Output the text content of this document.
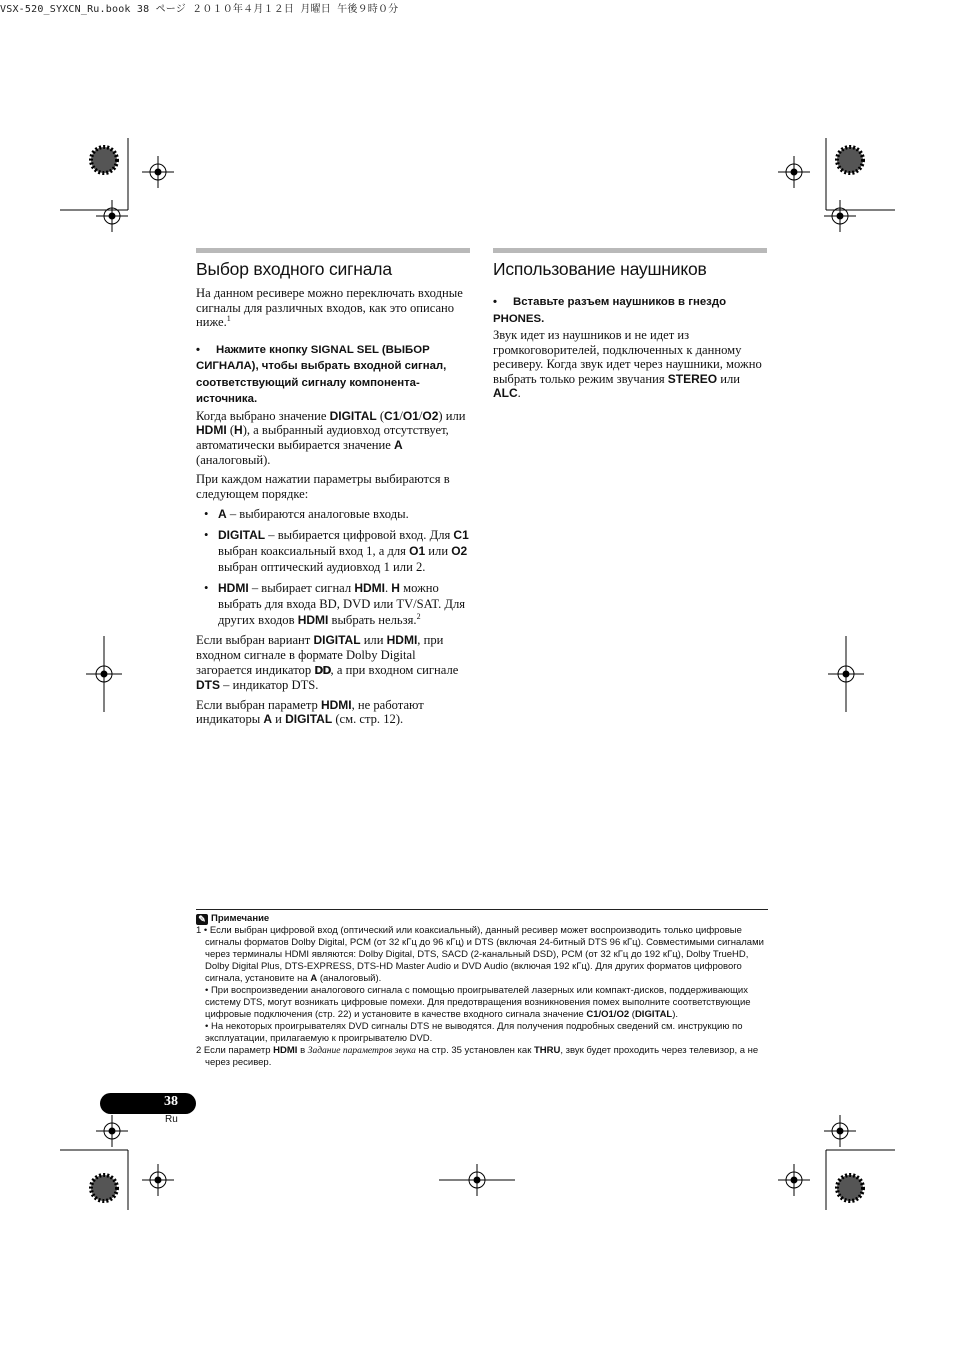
VSX-520_SYXCN_Ru.book 38 ページ ２０１０年４月１２日 月曜日 午後９時０分
Выбор входного сигнала

На данном ресивере можно переключать входные сигналы для различных входов, как это описано ниже.$^1$

• Нажмите кнопку SIGNAL SEL (ВЫБОР СИГНАЛА), чтобы выбрать входной сигнал, соответствующий сигналу компонента-источника.

Когда выбрано значение DIGITAL (C1/O1/O2) или HDMI (H), а выбранный аудиовход отсутствует, автоматически выбирается значение A (аналоговый).

При каждом нажатии параметры выбираются в следующем порядке:

• A – выбираются аналоговые входы.
• DIGITAL – выбирается цифровой вход. Для C1 выбран коаксиальный вход 1, а для O1 или O2 выбран оптический аудиовход 1 или 2.
• HDMI – выбирает сигнал HDMI. H можно выбрать для входа BD, DVD или TV/SAT. Для других входов HDMI выбрать нельзя.$^2$

Если выбран вариант DIGITAL или HDMI, при входном сигнале в формате Dolby Digital загорается индикатор DD, а при входном сигнале DTS – индикатор DTS.

Если выбран параметр HDMI, не работают индикаторы A и DIGITAL (см. стр. 12).

Использование наушников
• Вставьте разъем наушников в гнездо PHONES.

Звук идет из наушников и не идет из громкоговорителей, подключенных к данному ресиверу. Когда звук идет через наушники, можно выбрать только режим звучания STEREO или ALC.

✎ Примечание

1 • Если выбран цифровой вход (оптический или коаксиальный), данный ресивер может воспроизводить только цифровые сигналы форматов Dolby Digital, PCM (от 32 кГц до 96 кГц) и DTS (включая 24-битный DTS 96 кГц). Совместимыми сигналами через терминалы HDMI являются: Dolby Digital, DTS, SACD (2-канальный DSD), PCM (от 32 кГц до 192 кГц), Dolby TrueHD, Dolby Digital Plus, DTS-EXPRESS, DTS-HD Master Audio и DVD Audio (включая 192 кГц). Для других форматов цифрового сигнала, установите на A (аналоговый).

• При воспроизведении аналогового сигнала с помощью проигрывателей лазерных или компакт-дисков, поддерживающих систему DTS, могут возникать цифровые помехи. Для предотвращения возникновения помех выполните соответствующие цифровые подключения (стр. 22) и установите в качестве входного сигнала значение C1/O1/O2 (DIGITAL).

• На некоторых проигрывателях DVD сигналы DTS не выводятся. Для получения подробных сведений см. инструкцию по эксплуатации, прилагаемую к проигрывателю DVD.

2 Если параметр HDMI в Задание параметров звука на стр. 35 установлен как THRU, звук будет проходить через телевизор, а не через ресивер.

38
Ru
